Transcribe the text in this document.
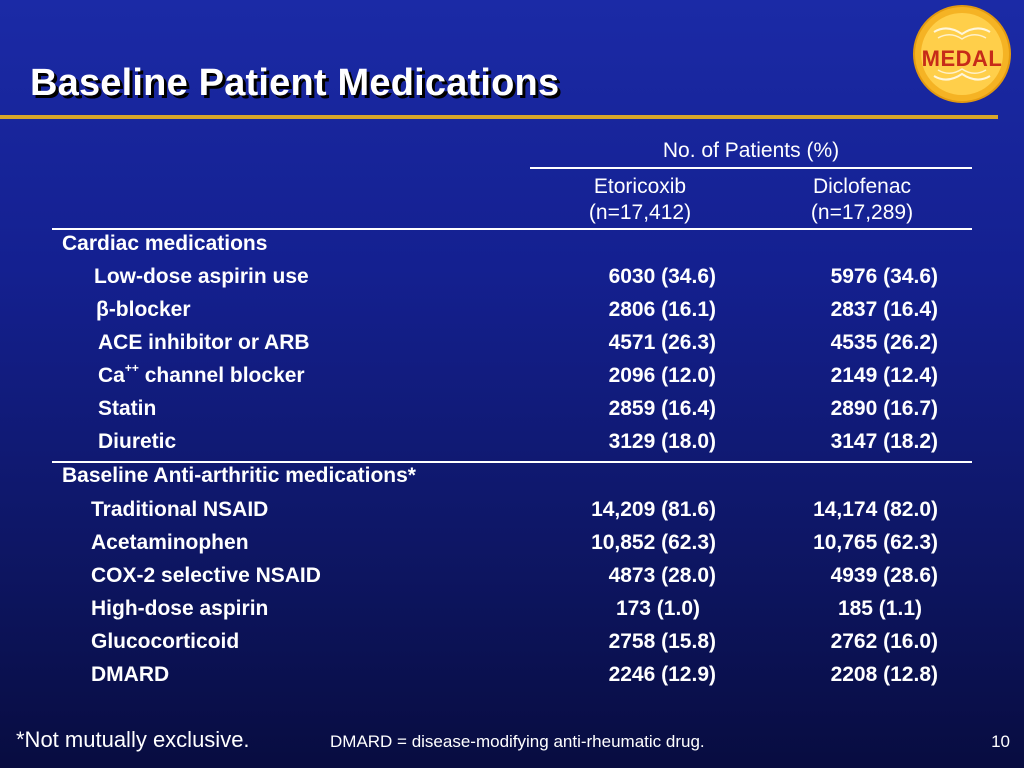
Baseline Patient Medications
MEDAL
No. of Patients (%)
Etoricoxib
(n=17,412)
Diclofenac
(n=17,289)
Cardiac medications
Low-dose aspirin use	6030 (34.6)	5976 (34.6)
β-blocker	2806 (16.1)	2837 (16.4)
ACE inhibitor or ARB	4571 (26.3)	4535 (26.2)
Ca++ channel blocker	2096 (12.0)	2149 (12.4)
Statin	2859 (16.4)	2890 (16.7)
Diuretic	3129 (18.0)	3147 (18.2)
Baseline Anti-arthritic medications*
Traditional NSAID	14,209 (81.6)	14,174 (82.0)
Acetaminophen	10,852 (62.3)	10,765 (62.3)
COX-2 selective NSAID	4873 (28.0)	4939 (28.6)
High-dose aspirin	173 (1.0)	185 (1.1)
Glucocorticoid	2758 (15.8)	2762 (16.0)
DMARD	2246 (12.9)	2208 (12.8)
*Not mutually exclusive.	DMARD = disease-modifying anti-rheumatic drug.	10
